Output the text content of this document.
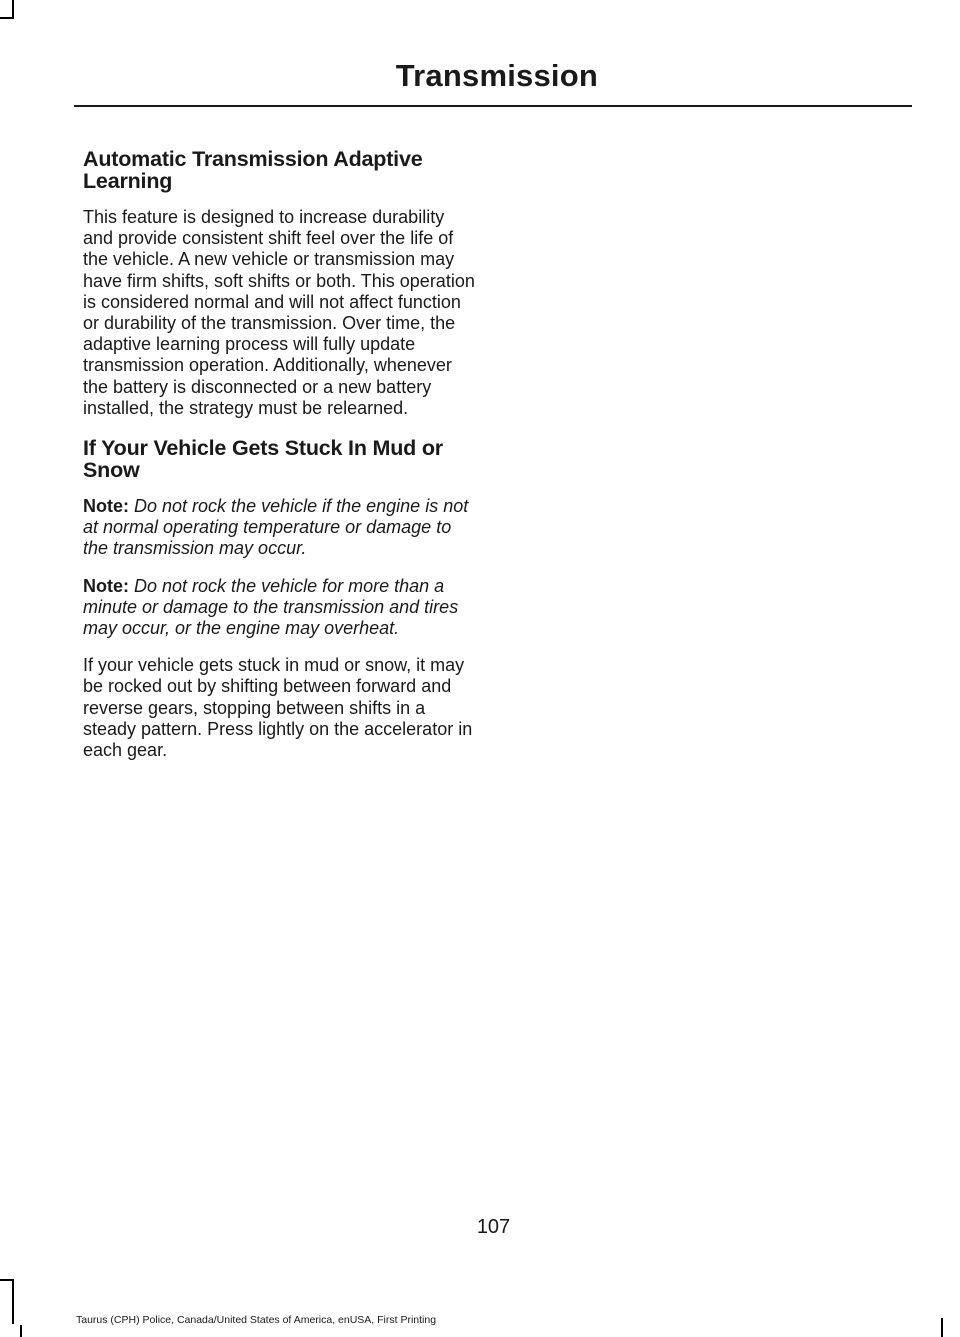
Transmission
Automatic Transmission Adaptive Learning

This feature is designed to increase durability and provide consistent shift feel over the life of the vehicle. A new vehicle or transmission may have firm shifts, soft shifts or both. This operation is considered normal and will not affect function or durability of the transmission. Over time, the adaptive learning process will fully update transmission operation. Additionally, whenever the battery is disconnected or a new battery installed, the strategy must be relearned.

If Your Vehicle Gets Stuck In Mud or Snow

Note: Do not rock the vehicle if the engine is not at normal operating temperature or damage to the transmission may occur.

Note: Do not rock the vehicle for more than a minute or damage to the transmission and tires may occur, or the engine may overheat.

If your vehicle gets stuck in mud or snow, it may be rocked out by shifting between forward and reverse gears, stopping between shifts in a steady pattern. Press lightly on the accelerator in each gear.

107
Taurus (CPH) Police, Canada/United States of America, enUSA, First Printing
